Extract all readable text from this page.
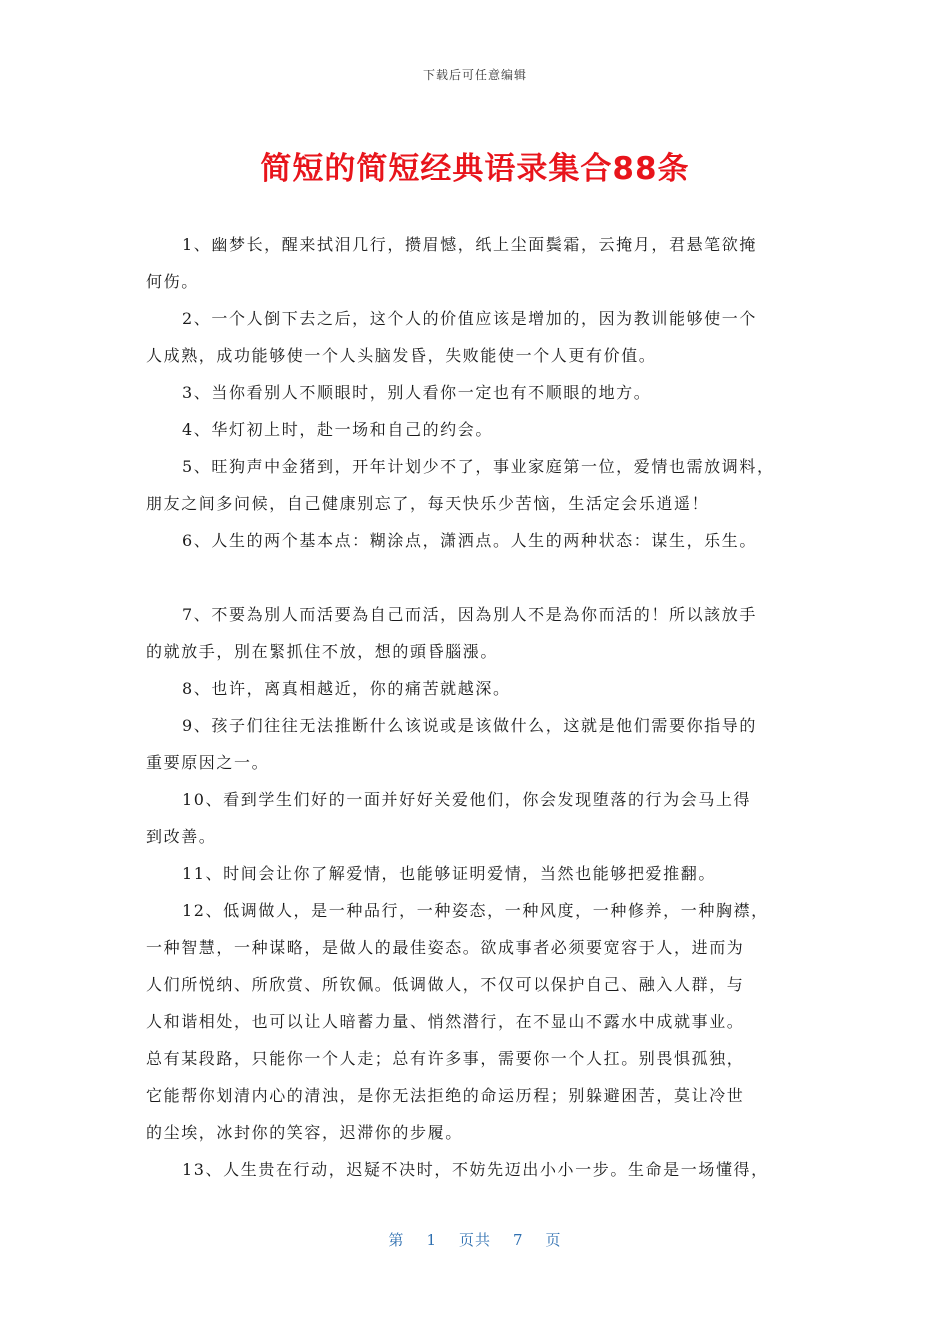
下载后可任意编辑
简短的简短经典语录集合88条

1、幽梦长，醒来拭泪几行，攒眉憾，纸上尘面鬓霜，云掩月，君悬笔欲掩
何伤。

2、一个人倒下去之后，这个人的价值应该是增加的，因为教训能够使一个
人成熟，成功能够使一个人头脑发昏，失败能使一个人更有价值。

3、当你看别人不顺眼时，别人看你一定也有不顺眼的地方。

4、华灯初上时，赴一场和自己的约会。

5、旺狗声中金猪到，开年计划少不了，事业家庭第一位，爱情也需放调料，
朋友之间多问候，自己健康别忘了，每天快乐少苦恼，生活定会乐逍遥！

6、人生的两个基本点：糊涂点，潇洒点。人生的两种状态：谋生，乐生。

7、不要為別人而活要為自己而活，因為別人不是為你而活的！所以該放手
的就放手，別在緊抓住不放，想的頭昏腦漲。

8、也许，离真相越近，你的痛苦就越深。

9、孩子们往往无法推断什么该说或是该做什么，这就是他们需要你指导的
重要原因之一。

10、看到学生们好的一面并好好关爱他们，你会发现堕落的行为会马上得
到改善。

11、时间会让你了解爱情，也能够证明爱情，当然也能够把爱推翻。

12、低调做人，是一种品行，一种姿态，一种风度，一种修养，一种胸襟，
一种智慧，一种谋略，是做人的最佳姿态。欲成事者必须要宽容于人，进而为
人们所悦纳、所欣赏、所钦佩。低调做人，不仅可以保护自己、融入人群，与
人和谐相处，也可以让人暗蓄力量、悄然潜行，在不显山不露水中成就事业。
总有某段路，只能你一个人走；总有许多事，需要你一个人扛。别畏惧孤独，
它能帮你划清内心的清浊，是你无法拒绝的命运历程；别躲避困苦，莫让冷世
的尘埃，冰封你的笑容，迟滞你的步履。

13、人生贵在行动，迟疑不决时，不妨先迈出小小一步。生命是一场懂得，

第 1 页共 7 页
